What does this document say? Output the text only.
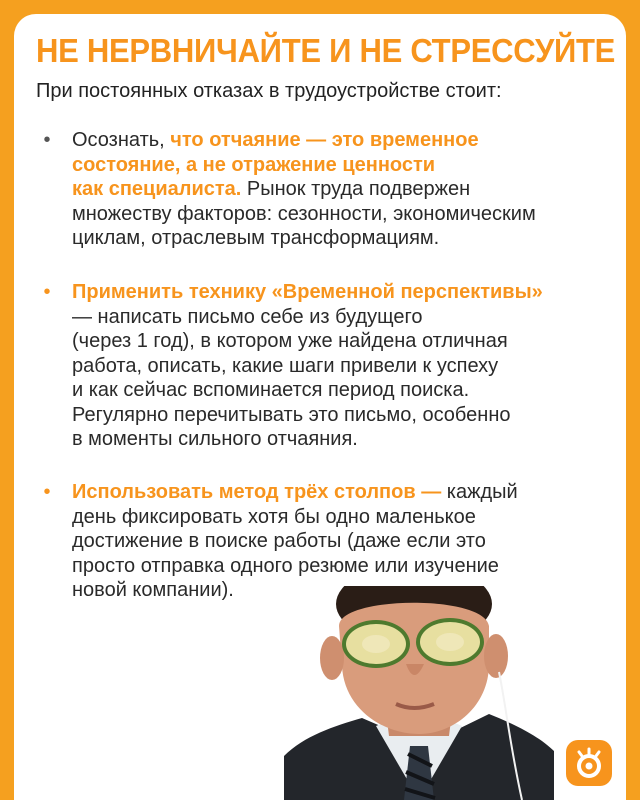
НЕ НЕРВНИЧАЙТЕ И НЕ СТРЕССУЙТЕ

При постоянных отказах в трудоустройстве стоит:

• Осознать, что отчаяние — это временное
состояние, а не отражение ценности
как специалиста. Рынок труда подвержен
множеству факторов: сезонности, экономическим
циклам, отраслевым трансформациям.
• Применить технику «Временной перспективы»
— написать письмо себе из будущего
(через 1 год), в котором уже найдена отличная
работа, описать, какие шаги привели к успеху
и как сейчас вспоминается период поиска.
Регулярно перечитывать это письмо, особенно
в моменты сильного отчаяния.
• Использовать метод трёх столпов — каждый
день фиксировать хотя бы одно маленькое
достижение в поиске работы (даже если это
просто отправка одного резюме или изучение
новой компании).
